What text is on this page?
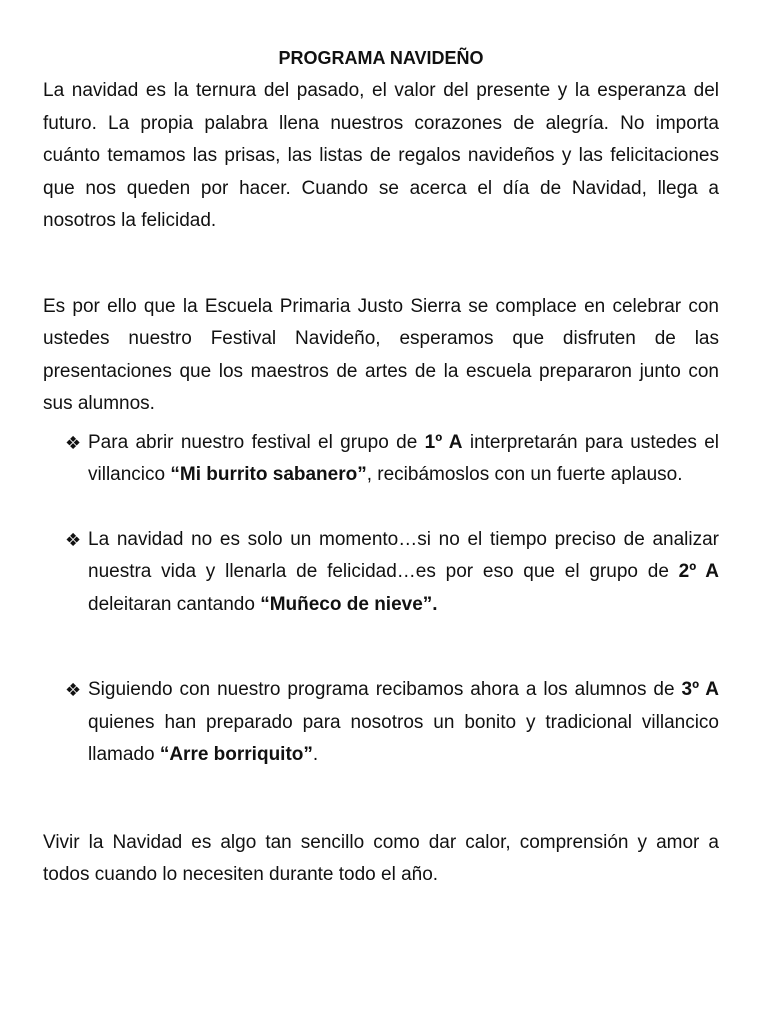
PROGRAMA NAVIDEÑO

La navidad es la ternura del pasado, el valor del presente y la esperanza del futuro. La propia palabra llena nuestros corazones de alegría. No importa cuánto temamos las prisas, las listas de regalos navideños y las felicitaciones que nos queden por hacer. Cuando se acerca el día de Navidad, llega a nosotros la felicidad.

Es por ello que la Escuela Primaria Justo Sierra se complace en celebrar con ustedes nuestro Festival Navideño, esperamos que disfruten de las presentaciones que los maestros de artes de la escuela prepararon junto con sus alumnos.

❖ Para abrir nuestro festival el grupo de 1º A interpretarán para ustedes el villancico “Mi burrito sabanero”, recibámoslos con un fuerte aplauso.
❖ La navidad no es solo un momento…si no el tiempo preciso de analizar nuestra vida y llenarla de felicidad…es por eso que el grupo de 2º A deleitaran cantando “Muñeco de nieve”.
❖ Siguiendo con nuestro programa recibamos ahora a los alumnos de 3º A quienes han preparado para nosotros un bonito y tradicional villancico llamado “Arre borriquito”.

Vivir la Navidad es algo tan sencillo como dar calor, comprensión y amor a todos cuando lo necesiten durante todo el año.
